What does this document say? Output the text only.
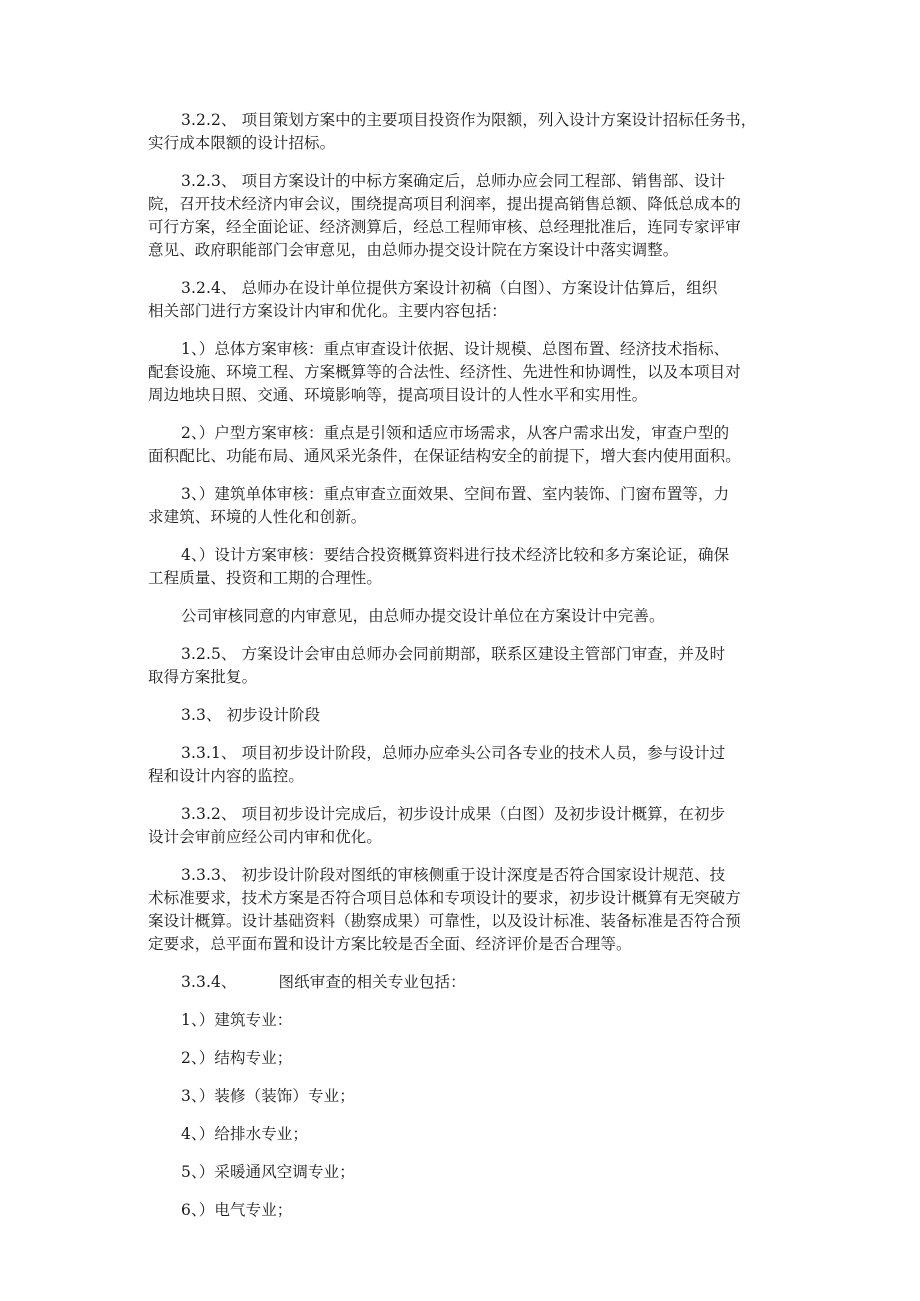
3.2.2、 项目策划方案中的主要项目投资作为限额，列入设计方案设计招标任务书，
实行成本限额的设计招标。
3.2.3、 项目方案设计的中标方案确定后，总师办应会同工程部、销售部、设计
院，召开技术经济内审会议，围绕提高项目利润率，提出提高销售总额、降低总成本的
可行方案，经全面论证、经济测算后，经总工程师审核、总经理批准后，连同专家评审
意见、政府职能部门会审意见，由总师办提交设计院在方案设计中落实调整。
3.2.4、 总师办在设计单位提供方案设计初稿（白图）、方案设计估算后，组织
相关部门进行方案设计内审和优化。主要内容包括：
1、）总体方案审核：重点审查设计依据、设计规模、总图布置、经济技术指标、
配套设施、环境工程、方案概算等的合法性、经济性、先进性和协调性，以及本项目对
周边地块日照、交通、环境影响等，提高项目设计的人性水平和实用性。
2、）户型方案审核：重点是引领和适应市场需求，从客户需求出发，审查户型的
面积配比、功能布局、通风采光条件，在保证结构安全的前提下，增大套内使用面积。
3、）建筑单体审核：重点审查立面效果、空间布置、室内装饰、门窗布置等，力
求建筑、环境的人性化和创新。
4、）设计方案审核：要结合投资概算资料进行技术经济比较和多方案论证，确保
工程质量、投资和工期的合理性。
公司审核同意的内审意见，由总师办提交设计单位在方案设计中完善。
3.2.5、 方案设计会审由总师办会同前期部，联系区建设主管部门审查，并及时
取得方案批复。
3.3、 初步设计阶段
3.3.1、 项目初步设计阶段，总师办应牵头公司各专业的技术人员，参与设计过
程和设计内容的监控。
3.3.2、 项目初步设计完成后，初步设计成果（白图）及初步设计概算，在初步
设计会审前应经公司内审和优化。
3.3.3、 初步设计阶段对图纸的审核侧重于设计深度是否符合国家设计规范、技
术标准要求，技术方案是否符合项目总体和专项设计的要求，初步设计概算有无突破方
案设计概算。设计基础资料（勘察成果）可靠性，以及设计标准、装备标准是否符合预
定要求，总平面布置和设计方案比较是否全面、经济评价是否合理等。
3.3.4、	图纸审查的相关专业包括：
1、）建筑专业：
2、）结构专业；
3、）装修（装饰）专业；
4、）给排水专业；
5、）采暖通风空调专业；
6、）电气专业；
